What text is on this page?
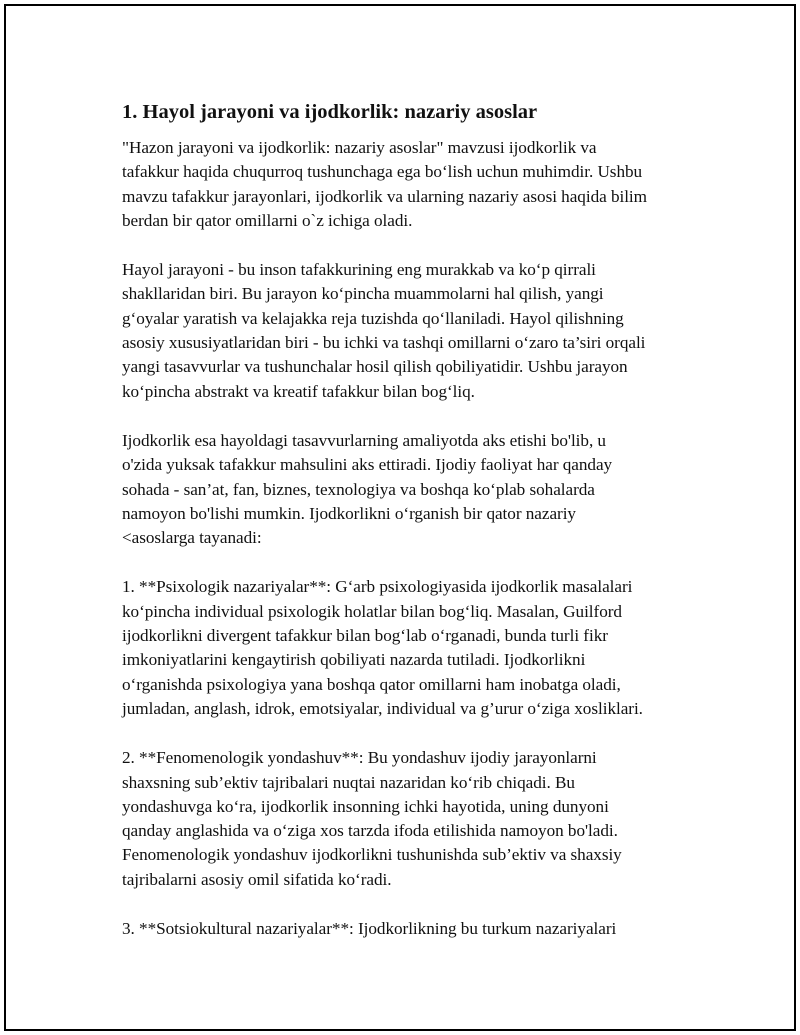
1. Hayol jarayoni va ijodkorlik: nazariy asoslar

"Hazon jarayoni va ijodkorlik: nazariy asoslar" mavzusi ijodkorlik va
tafakkur haqida chuqurroq tushunchaga ega bo‘lish uchun muhimdir. Ushbu
mavzu tafakkur jarayonlari, ijodkorlik va ularning nazariy asosi haqida bilim
berdan bir qator omillarni o`z ichiga oladi.

Hayol jarayoni - bu inson tafakkurining eng murakkab va ko‘p qirrali
shakllaridan biri. Bu jarayon ko‘pincha muammolarni hal qilish, yangi
g‘oyalar yaratish va kelajakka reja tuzishda qo‘llaniladi. Hayol qilishning
asosiy xususiyatlaridan biri - bu ichki va tashqi omillarni o‘zaro ta’siri orqali
yangi tasavvurlar va tushunchalar hosil qilish qobiliyatidir. Ushbu jarayon
ko‘pincha abstrakt va kreatif tafakkur bilan bog‘liq.

Ijodkorlik esa hayoldagi tasavvurlarning amaliyotda aks etishi bo'lib, u
o'zida yuksak tafakkur mahsulini aks ettiradi. Ijodiy faoliyat har qanday
sohada - san’at, fan, biznes, texnologiya va boshqa ko‘plab sohalarda
namoyon bo'lishi mumkin. Ijodkorlikni o‘rganish bir qator nazariy
<asoslarga tayanadi:

1. **Psixologik nazariyalar**: G‘arb psixologiyasida ijodkorlik masalalari
ko‘pincha individual psixologik holatlar bilan bog‘liq. Masalan, Guilford
ijodkorlikni divergent tafakkur bilan bog‘lab o‘rganadi, bunda turli fikr
imkoniyatlarini kengaytirish qobiliyati nazarda tutiladi. Ijodkorlikni
o‘rganishda psixologiya yana boshqa qator omillarni ham inobatga oladi,
jumladan, anglash, idrok, emotsiyalar, individual va g’urur o‘ziga xosliklari.

2. **Fenomenologik yondashuv**: Bu yondashuv ijodiy jarayonlarni
shaxsning sub’ektiv tajribalari nuqtai nazaridan ko‘rib chiqadi. Bu
yondashuvga ko‘ra, ijodkorlik insonning ichki hayotida, uning dunyoni
qanday anglashida va o‘ziga xos tarzda ifoda etilishida namoyon bo'ladi.
Fenomenologik yondashuv ijodkorlikni tushunishda sub’ektiv va shaxsiy
tajribalarni asosiy omil sifatida ko‘radi.

3. **Sotsiokultural nazariyalar**: Ijodkorlikning bu turkum nazariyalari
